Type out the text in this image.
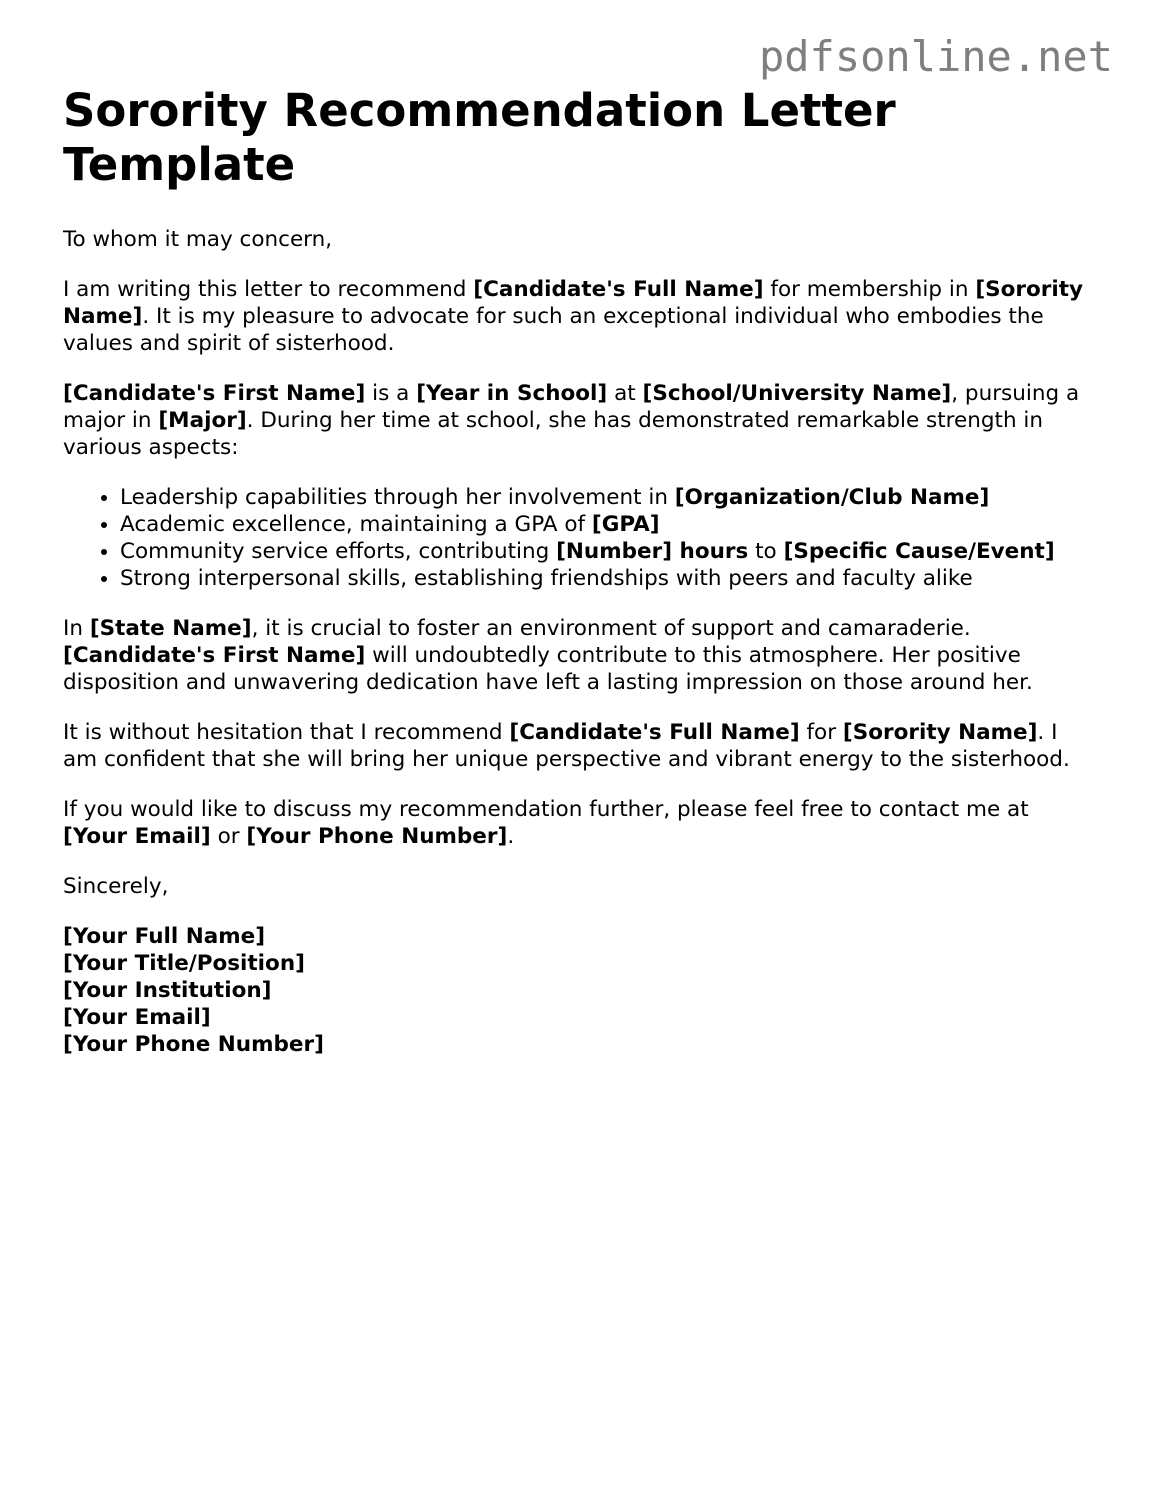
pdfsonline.net
Sorority Recommendation Letter Template

To whom it may concern,

I am writing this letter to recommend [Candidate's Full Name] for membership in [Sorority Name]. It is my pleasure to advocate for such an exceptional individual who embodies the values and spirit of sisterhood.

[Candidate's First Name] is a [Year in School] at [School/University Name], pursuing a major in [Major]. During her time at school, she has demonstrated remarkable strength in various aspects:

• Leadership capabilities through her involvement in [Organization/Club Name]
• Academic excellence, maintaining a GPA of [GPA]
• Community service efforts, contributing [Number] hours to [Specific Cause/Event]
• Strong interpersonal skills, establishing friendships with peers and faculty alike

In [State Name], it is crucial to foster an environment of support and camaraderie. [Candidate's First Name] will undoubtedly contribute to this atmosphere. Her positive disposition and unwavering dedication have left a lasting impression on those around her.

It is without hesitation that I recommend [Candidate's Full Name] for [Sorority Name]. I am confident that she will bring her unique perspective and vibrant energy to the sisterhood.

If you would like to discuss my recommendation further, please feel free to contact me at [Your Email] or [Your Phone Number].

Sincerely,

[Your Full Name]
[Your Title/Position]
[Your Institution]
[Your Email]
[Your Phone Number]
